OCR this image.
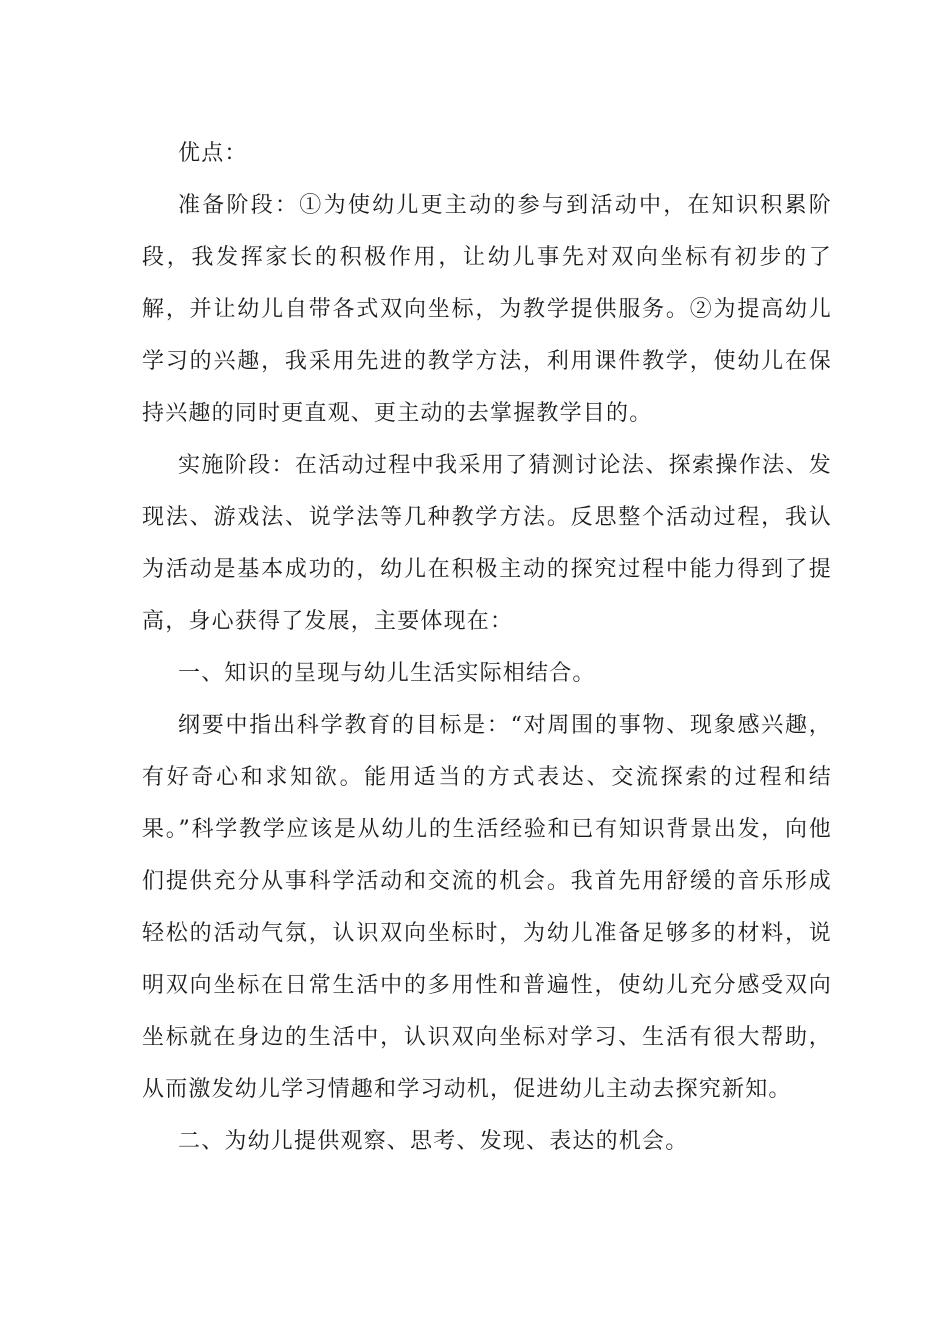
优点：

准备阶段：①为使幼儿更主动的参与到活动中，在知识积累阶段，我发挥家长的积极作用，让幼儿事先对双向坐标有初步的了解，并让幼儿自带各式双向坐标，为教学提供服务。②为提高幼儿学习的兴趣，我采用先进的教学方法，利用课件教学，使幼儿在保持兴趣的同时更直观、更主动的去掌握教学目的。

实施阶段：在活动过程中我采用了猜测讨论法、探索操作法、发现法、游戏法、说学法等几种教学方法。反思整个活动过程，我认为活动是基本成功的，幼儿在积极主动的探究过程中能力得到了提高，身心获得了发展，主要体现在：

一、知识的呈现与幼儿生活实际相结合。

纲要中指出科学教育的目标是：“对周围的事物、现象感兴趣，有好奇心和求知欲。能用适当的方式表达、交流探索的过程和结果。”科学教学应该是从幼儿的生活经验和已有知识背景出发，向他们提供充分从事科学活动和交流的机会。我首先用舒缓的音乐形成轻松的活动气氛，认识双向坐标时，为幼儿准备足够多的材料，说明双向坐标在日常生活中的多用性和普遍性，使幼儿充分感受双向坐标就在身边的生活中，认识双向坐标对学习、生活有很大帮助，从而激发幼儿学习情趣和学习动机，促进幼儿主动去探究新知。

二、为幼儿提供观察、思考、发现、表达的机会。
